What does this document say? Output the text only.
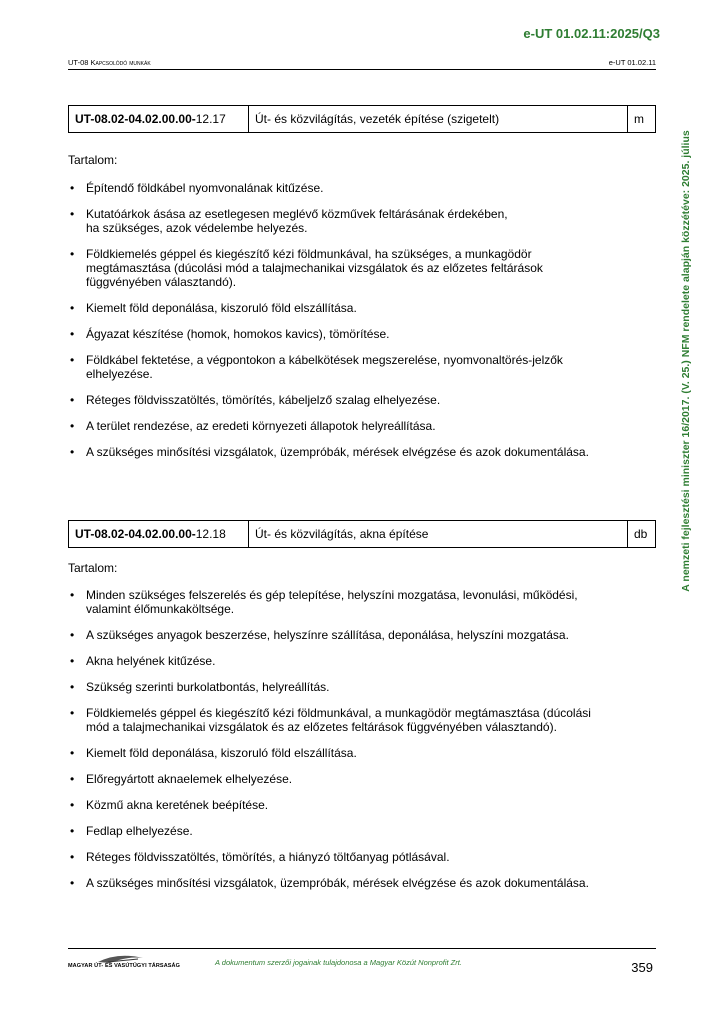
e-UT 01.02.11:2025/Q3
UT-08 Kapcsolódó munkák	e-UT 01.02.11
A nemzeti fejlesztési miniszter 16/2017. (V. 25.) NFM rendelete alapján közzétéve: 2025. július
UT-08.02-04.02.00.00- 12.17	Út- és közvilágítás, vezeték építése (szigetelt)	m
Tartalom:
• Építendő földkábel nyomvonalának kitűzése.
• Kutatóárkok ásása az esetlegesen meglévő közművek feltárásának érdekében,
ha szükséges, azok védelembe helyezés.
• Földkiemelés géppel és kiegészítő kézi földmunkával, ha szükséges, a munkagödör
megtámasztása (dúcolási mód a talajmechanikai vizsgálatok és az előzetes feltárások
függvényében választandó).
• Kiemelt föld deponálása, kiszoruló föld elszállítása.
• Ágyazat készítése (homok, homokos kavics), tömörítése.
• Földkábel fektetése, a végpontokon a kábelkötések megszerelése, nyomvonaltörés-jelzők
elhelyezése.
• Réteges földvisszatöltés, tömörítés, kábeljelző szalag elhelyezése.
• A terület rendezése, az eredeti környezeti állapotok helyreállítása.
• A szükséges minősítési vizsgálatok, üzempróbák, mérések elvégzése és azok dokumentálása.
UT-08.02-04.02.00.00- 12.18	Út- és közvilágítás, akna építése	db
Tartalom:
• Minden szükséges felszerelés és gép telepítése, helyszíni mozgatása, levonulási, működési,
valamint élőmunkaköltsége.
• A szükséges anyagok beszerzése, helyszínre szállítása, deponálása, helyszíni mozgatása.
• Akna helyének kitűzése.
• Szükség szerinti burkolatbontás, helyreállítás.
• Földkiemelés géppel és kiegészítő kézi földmunkával, a munkagödör megtámasztása (dúcolási
mód a talajmechanikai vizsgálatok és az előzetes feltárások függvényében választandó).
• Kiemelt föld deponálása, kiszoruló föld elszállítása.
• Előregyártott aknaelemek elhelyezése.
• Közmű akna keretének beépítése.
• Fedlap elhelyezése.
• Réteges földvisszatöltés, tömörítés, a hiányzó töltőanyag pótlásával.
• A szükséges minősítési vizsgálatok, üzempróbák, mérések elvégzése és azok dokumentálása.
MAGYAR ÚT- ÉS VASÚTÜGYI TÁRSASÁG	A dokumentum szerzői jogainak tulajdonosa a Magyar Közút Nonprofit Zrt.	359
